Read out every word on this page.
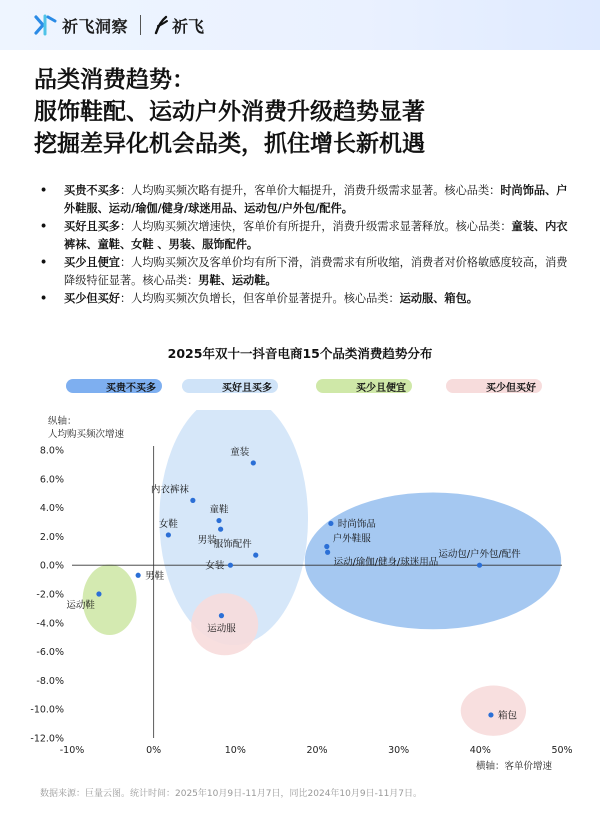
祈飞洞察	祈飞
品类消费趋势：
服饰鞋配、运动户外消费升级趋势显著
挖掘差异化机会品类，抓住增长新机遇
• 买贵不买多：人均购买频次略有提升，客单价大幅提升，消费升级需求显著。核心品类：时尚饰品、户外鞋服、运动/瑜伽/健身/球迷用品、运动包/户外包/配件。
• 买好且买多：人均购买频次增速快，客单价有所提升，消费升级需求显著释放。核心品类：童装、内衣裤袜、童鞋、女鞋 、男装、服饰配件。
• 买少且便宜：人均购买频次及客单价均有所下滑，消费需求有所收缩，消费者对价格敏感度较高，消费降级特征显著。核心品类：男鞋、运动鞋。
• 买少但买好：人均购买频次负增长，但客单价显著提升。核心品类：运动服、箱包。
2025年双十一抖音电商15个品类消费趋势分布
买贵不买多	买好且买多	买少且便宜	买少但买好
8.0%
6.0%
4.0%
2.0%
0.0%
-2.0%
-4.0%
-6.0%
-8.0%
-10.0%
-12.0%
-10%	0%	10%	20%	30%	40%	50%
纵轴：
人均购买频次增速
横轴：客单价增速
童装
内衣裤袜
童鞋
女鞋
男装
服饰配件
女装
时尚饰品
户外鞋服
运动/瑜伽/健身/球迷用品
运动包/户外包/配件
男鞋
运动鞋
运动服
箱包
数据来源：巨量云图。统计时间：2025年10月9日-11月7日，同比2024年10月9日-11月7日。
